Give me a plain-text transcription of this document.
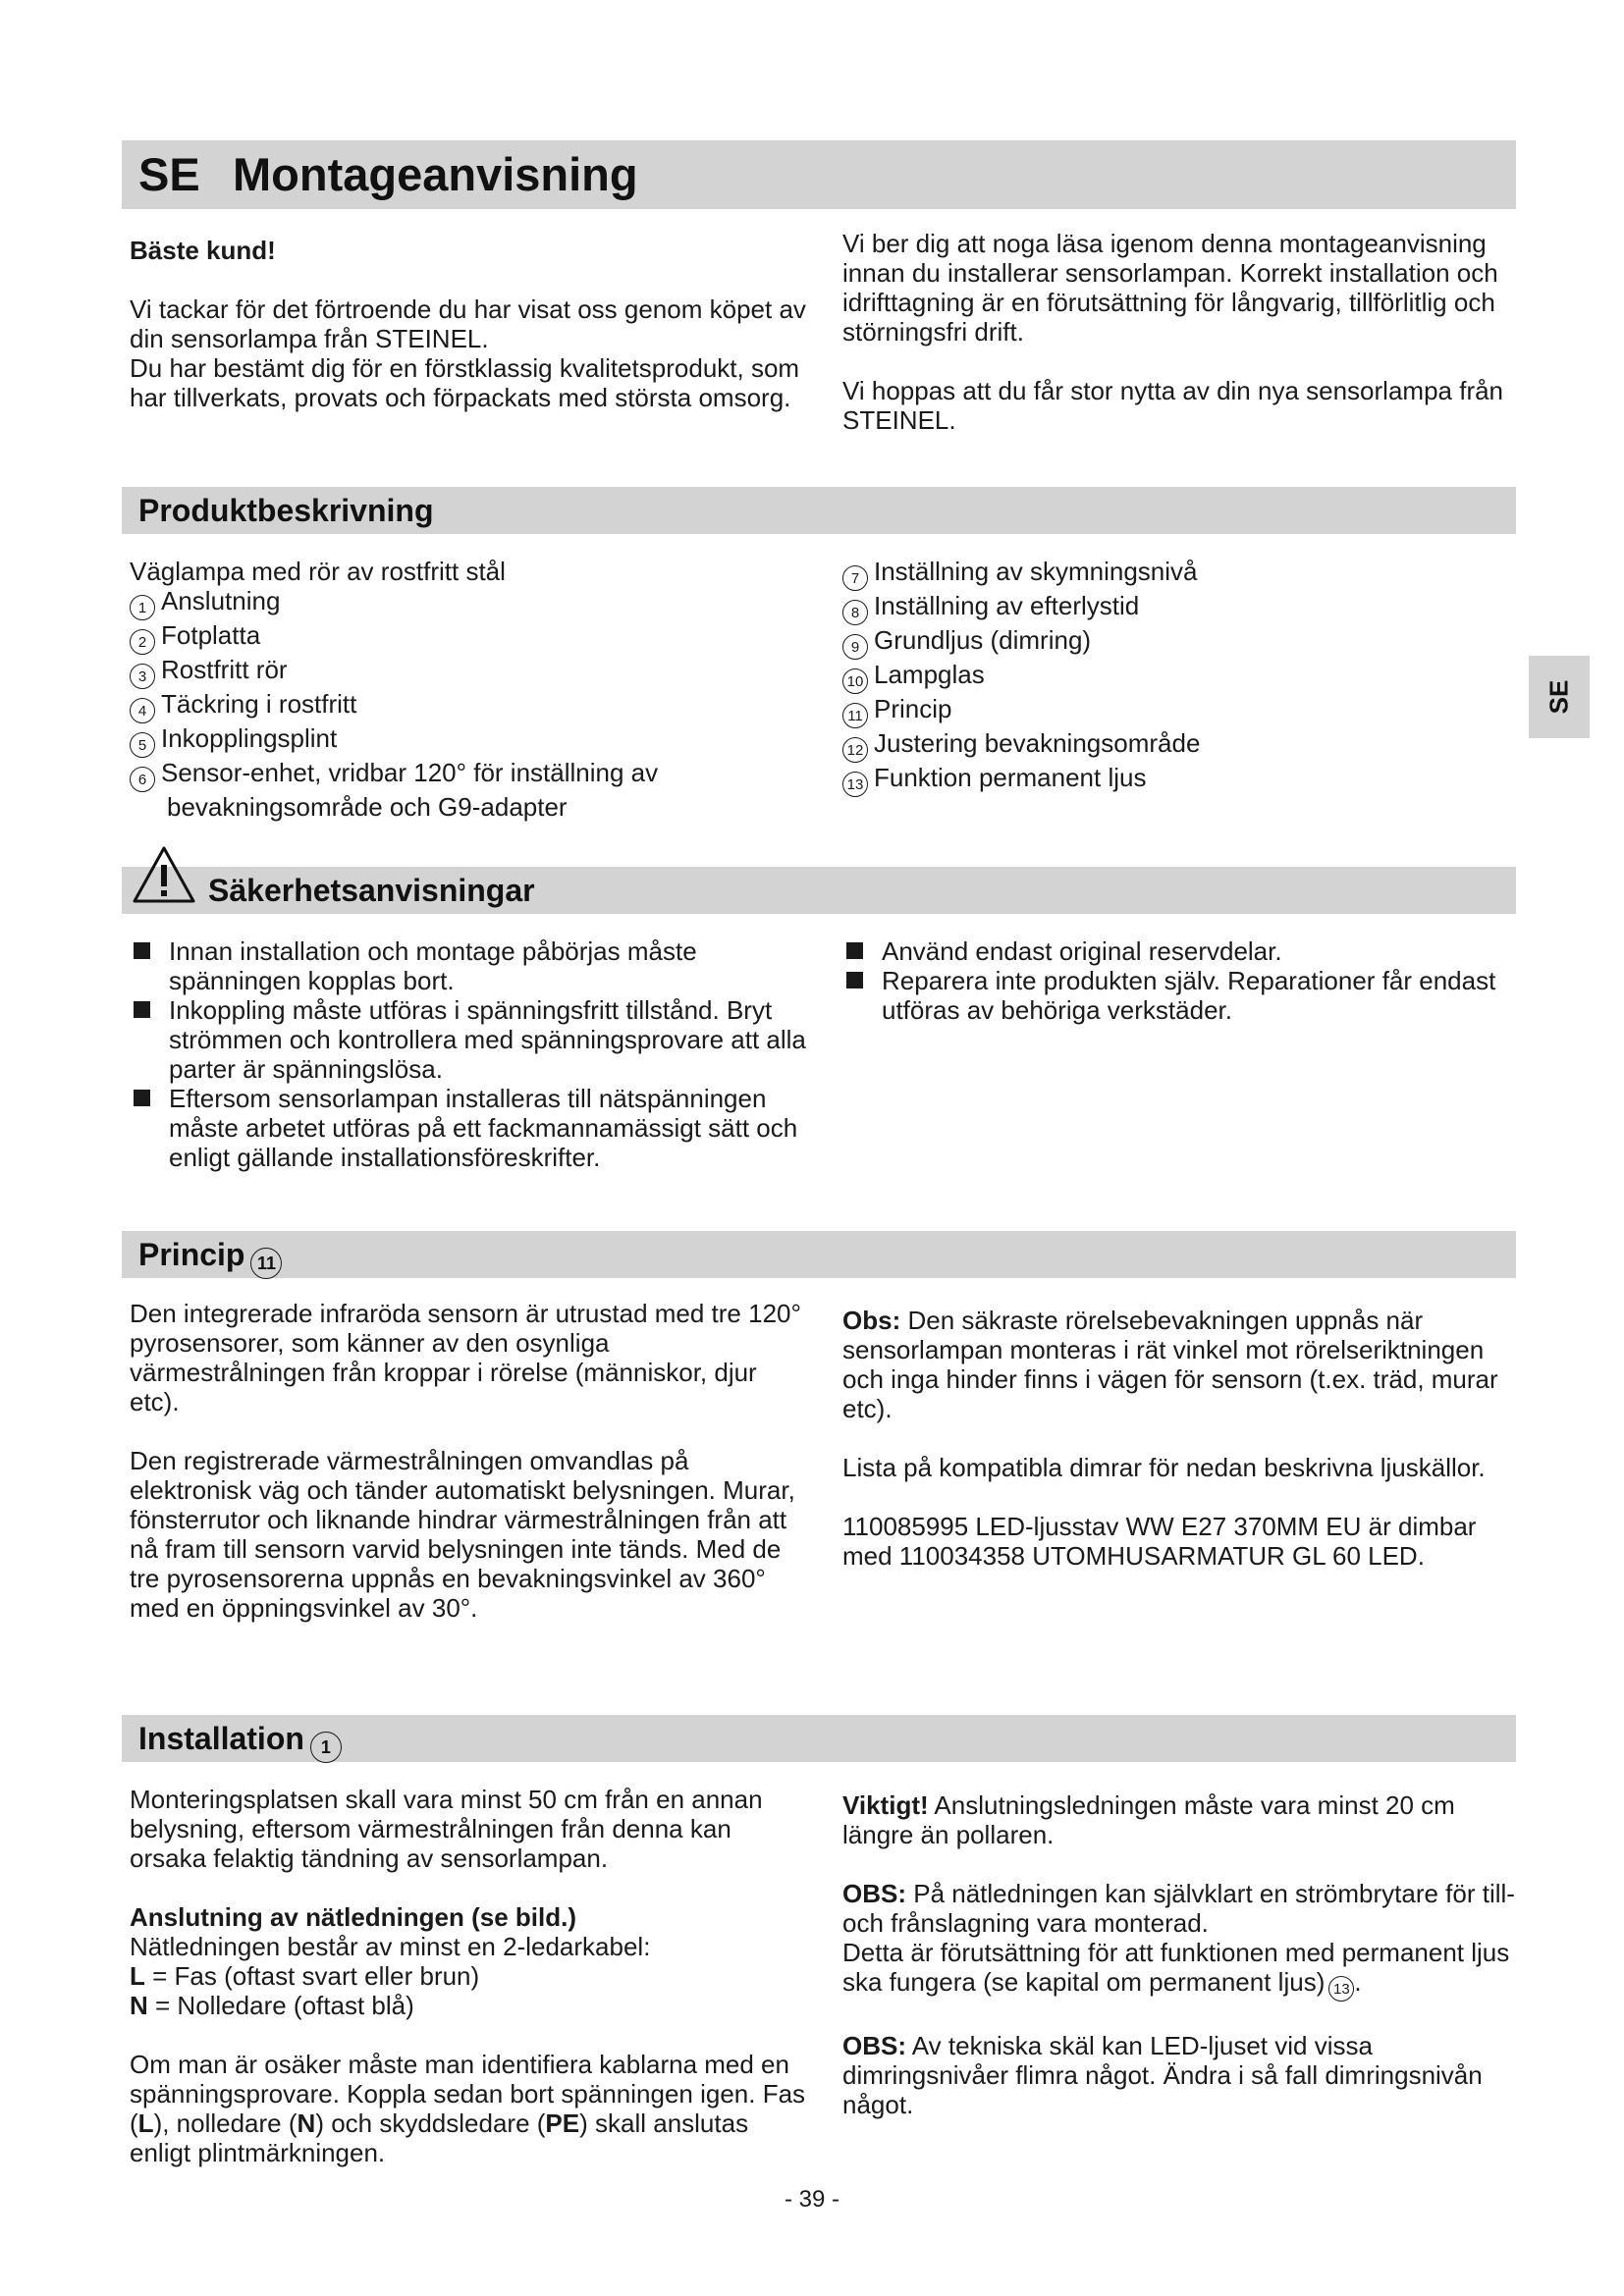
SE Montageanvisning

Bäste kund!

Vi tackar för det förtroende du har visat oss genom köpet av din sensorlampa från STEINEL.

Du har bestämt dig för en förstklassig kvalitetsprodukt, som har tillverkats, provats och förpackats med största omsorg.

Vi ber dig att noga läsa igenom denna montageanvisning innan du installerar sensorlampan. Korrekt installation och idrifttagning är en förutsättning för långvarig, tillförlitlig och störningsfri drift.

Vi hoppas att du får stor nytta av din nya sensorlampa från STEINEL.

Produktbeskrivning

Väglampa med rör av rostfritt stål

1 Anslutning

2 Fotplatta

3 Rostfritt rör

4 Täckring i rostfritt

5 Inkopplingsplint

6 Sensor-enhet, vridbar 120° för inställning av

bevakningsområde och G9-adapter

7 Inställning av skymningsnivå

8 Inställning av efterlystid

9 Grundljus (dimring)

10 Lampglas

11 Princip

12 Justering bevakningsområde

13 Funktion permanent ljus

Säkerhetsanvisningar

Innan installation och montage påbörjas måste spänningen kopplas bort.

Inkoppling måste utföras i spänningsfritt tillstånd. Bryt strömmen och kontrollera med spänningsprovare att alla parter är spänningslösa.

Eftersom sensorlampan installeras till nätspänningen måste arbetet utföras på ett fackmannamässigt sätt och enligt gällande installationsföreskrifter.

Använd endast original reservdelar.

Reparera inte produkten själv. Reparationer får endast utföras av behöriga verkstäder.

Princip 11

Den integrerade infraröda sensorn är utrustad med tre 120° pyrosensorer, som känner av den osynliga värmestrålningen från kroppar i rörelse (människor, djur etc).

Den registrerade värmestrålningen omvandlas på elektronisk väg och tänder automatiskt belysningen. Murar, fönsterrutor och liknande hindrar värmestrålningen från att nå fram till sensorn varvid belysningen inte tänds. Med de tre pyrosensorerna uppnås en bevakningsvinkel av 360° med en öppningsvinkel av 30°.

Obs: Den säkraste rörelsebevakningen uppnås när sensorlampan monteras i rät vinkel mot rörelseriktningen och inga hinder finns i vägen för sensorn (t.ex. träd, murar etc).

Lista på kompatibla dimrar för nedan beskrivna ljuskällor.

110085995 LED-ljusstav WW E27 370MM EU är dimbar med 110034358 UTOMHUSARMATUR GL 60 LED.

Installation 1

Monteringsplatsen skall vara minst 50 cm från en annan belysning, eftersom värmestrålningen från denna kan orsaka felaktig tändning av sensorlampan.

Anslutning av nätledningen (se bild.)

Nätledningen består av minst en 2-ledarkabel:

L = Fas (oftast svart eller brun)

N = Nolledare (oftast blå)

Om man är osäker måste man identifiera kablarna med en spänningsprovare. Koppla sedan bort spänningen igen. Fas (L), nolledare (N) och skyddsledare (PE) skall anslutas enligt plintmärkningen.

Viktigt! Anslutningsledningen måste vara minst 20 cm längre än pollaren.

OBS: På nätledningen kan självklart en strömbrytare för till- och frånslagning vara monterad.

Detta är förutsättning för att funktionen med permanent ljus ska fungera (se kapital om permanent ljus) 13 .

OBS: Av tekniska skäl kan LED-ljuset vid vissa dimringsnivåer flimra något. Ändra i så fall dimringsnivån något.

SE
- 39 -
